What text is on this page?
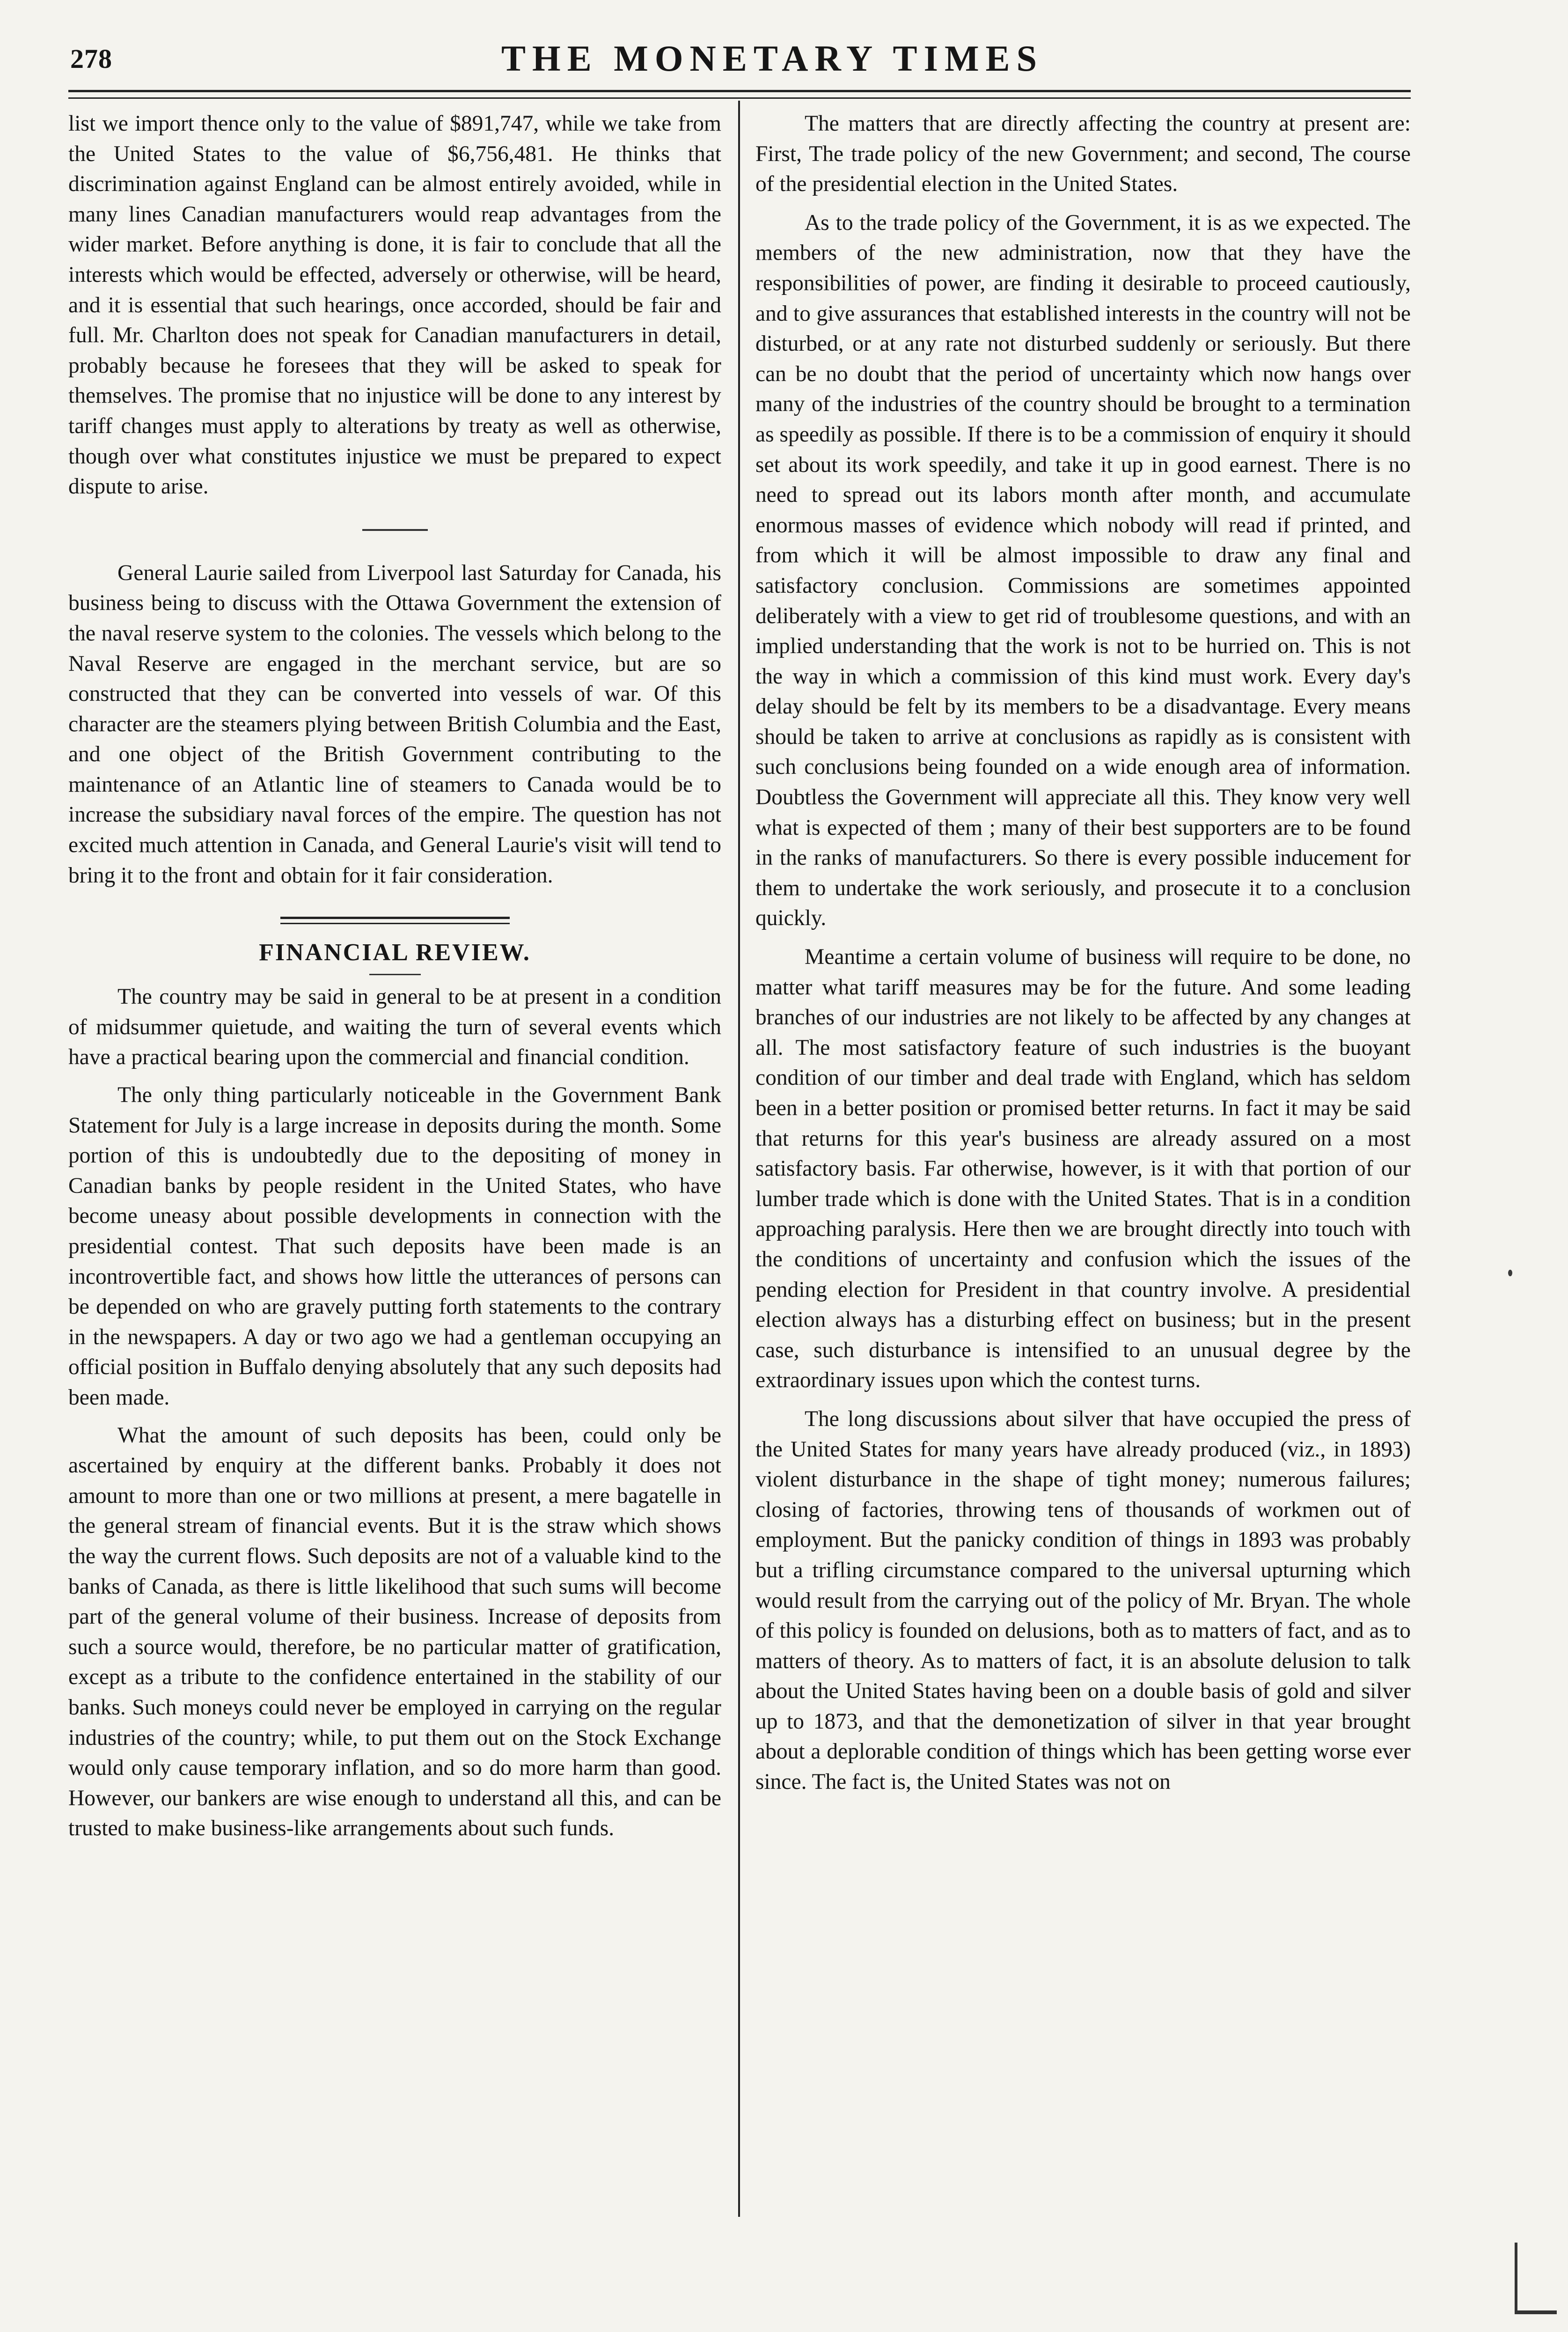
278	THE MONETARY TIMES

list we import thence only to the value of $891,747, while we take from the United States to the value of $6,756,481. He thinks that discrimination against England can be almost entirely avoided, while in many lines Canadian manufacturers would reap advantages from the wider market. Before anything is done, it is fair to conclude that all the interests which would be effected, adversely or otherwise, will be heard, and it is essential that such hearings, once accorded, should be fair and full. Mr. Charlton does not speak for Canadian manufacturers in detail, probably because he foresees that they will be asked to speak for themselves. The promise that no injustice will be done to any interest by tariff changes must apply to alterations by treaty as well as otherwise, though over what constitutes injustice we must be prepared to expect dispute to arise.

General Laurie sailed from Liverpool last Saturday for Canada, his business being to discuss with the Ottawa Government the extension of the naval reserve system to the colonies. The vessels which belong to the Naval Reserve are engaged in the merchant service, but are so constructed that they can be converted into vessels of war. Of this character are the steamers plying between British Columbia and the East, and one object of the British Government contributing to the maintenance of an Atlantic line of steamers to Canada would be to increase the subsidiary naval forces of the empire. The question has not excited much attention in Canada, and General Laurie's visit will tend to bring it to the front and obtain for it fair consideration.

FINANCIAL REVIEW.

The country may be said in general to be at present in a condition of midsummer quietude, and waiting the turn of several events which have a practical bearing upon the commercial and financial condition.

The only thing particularly noticeable in the Government Bank Statement for July is a large increase in deposits during the month. Some portion of this is undoubtedly due to the depositing of money in Canadian banks by people resident in the United States, who have become uneasy about possible developments in connection with the presidential contest. That such deposits have been made is an incontrovertible fact, and shows how little the utterances of persons can be depended on who are gravely putting forth statements to the contrary in the newspapers. A day or two ago we had a gentleman occupying an official position in Buffalo denying absolutely that any such deposits had been made.

What the amount of such deposits has been, could only be ascertained by enquiry at the different banks. Probably it does not amount to more than one or two millions at present, a mere bagatelle in the general stream of financial events. But it is the straw which shows the way the current flows. Such deposits are not of a valuable kind to the banks of Canada, as there is little likelihood that such sums will become part of the general volume of their business. Increase of deposits from such a source would, therefore, be no particular matter of gratification, except as a tribute to the confidence entertained in the stability of our banks. Such moneys could never be employed in carrying on the regular industries of the country; while, to put them out on the Stock Exchange would only cause temporary inflation, and so do more harm than good. However, our bankers are wise enough to understand all this, and can be trusted to make business-like arrangements about such funds.

The matters that are directly affecting the country at present are: First, The trade policy of the new Government; and second, The course of the presidential election in the United States.

As to the trade policy of the Government, it is as we expected. The members of the new administration, now that they have the responsibilities of power, are finding it desirable to proceed cautiously, and to give assurances that established interests in the country will not be disturbed, or at any rate not disturbed suddenly or seriously. But there can be no doubt that the period of uncertainty which now hangs over many of the industries of the country should be brought to a termination as speedily as possible. If there is to be a commission of enquiry it should set about its work speedily, and take it up in good earnest. There is no need to spread out its labors month after month, and accumulate enormous masses of evidence which nobody will read if printed, and from which it will be almost impossible to draw any final and satisfactory conclusion. Commissions are sometimes appointed deliberately with a view to get rid of troublesome questions, and with an implied understanding that the work is not to be hurried on. This is not the way in which a commission of this kind must work. Every day's delay should be felt by its members to be a disadvantage. Every means should be taken to arrive at conclusions as rapidly as is consistent with such conclusions being founded on a wide enough area of information. Doubtless the Government will appreciate all this. They know very well what is expected of them ; many of their best supporters are to be found in the ranks of manufacturers. So there is every possible inducement for them to undertake the work seriously, and prosecute it to a conclusion quickly.

Meantime a certain volume of business will require to be done, no matter what tariff measures may be for the future. And some leading branches of our industries are not likely to be affected by any changes at all. The most satisfactory feature of such industries is the buoyant condition of our timber and deal trade with England, which has seldom been in a better position or promised better returns. In fact it may be said that returns for this year's business are already assured on a most satisfactory basis. Far otherwise, however, is it with that portion of our lumber trade which is done with the United States. That is in a condition approaching paralysis. Here then we are brought directly into touch with the conditions of uncertainty and confusion which the issues of the pending election for President in that country involve. A presidential election always has a disturbing effect on business; but in the present case, such disturbance is intensified to an unusual degree by the extraordinary issues upon which the contest turns.

The long discussions about silver that have occupied the press of the United States for many years have already produced (viz., in 1893) violent disturbance in the shape of tight money; numerous failures; closing of factories, throwing tens of thousands of workmen out of employment. But the panicky condition of things in 1893 was probably but a trifling circumstance compared to the universal upturning which would result from the carrying out of the policy of Mr. Bryan. The whole of this policy is founded on delusions, both as to matters of fact, and as to matters of theory. As to matters of fact, it is an absolute delusion to talk about the United States having been on a double basis of gold and silver up to 1873, and that the demonetization of silver in that year brought about a deplorable condition of things which has been getting worse ever since. The fact is, the United States was not on
